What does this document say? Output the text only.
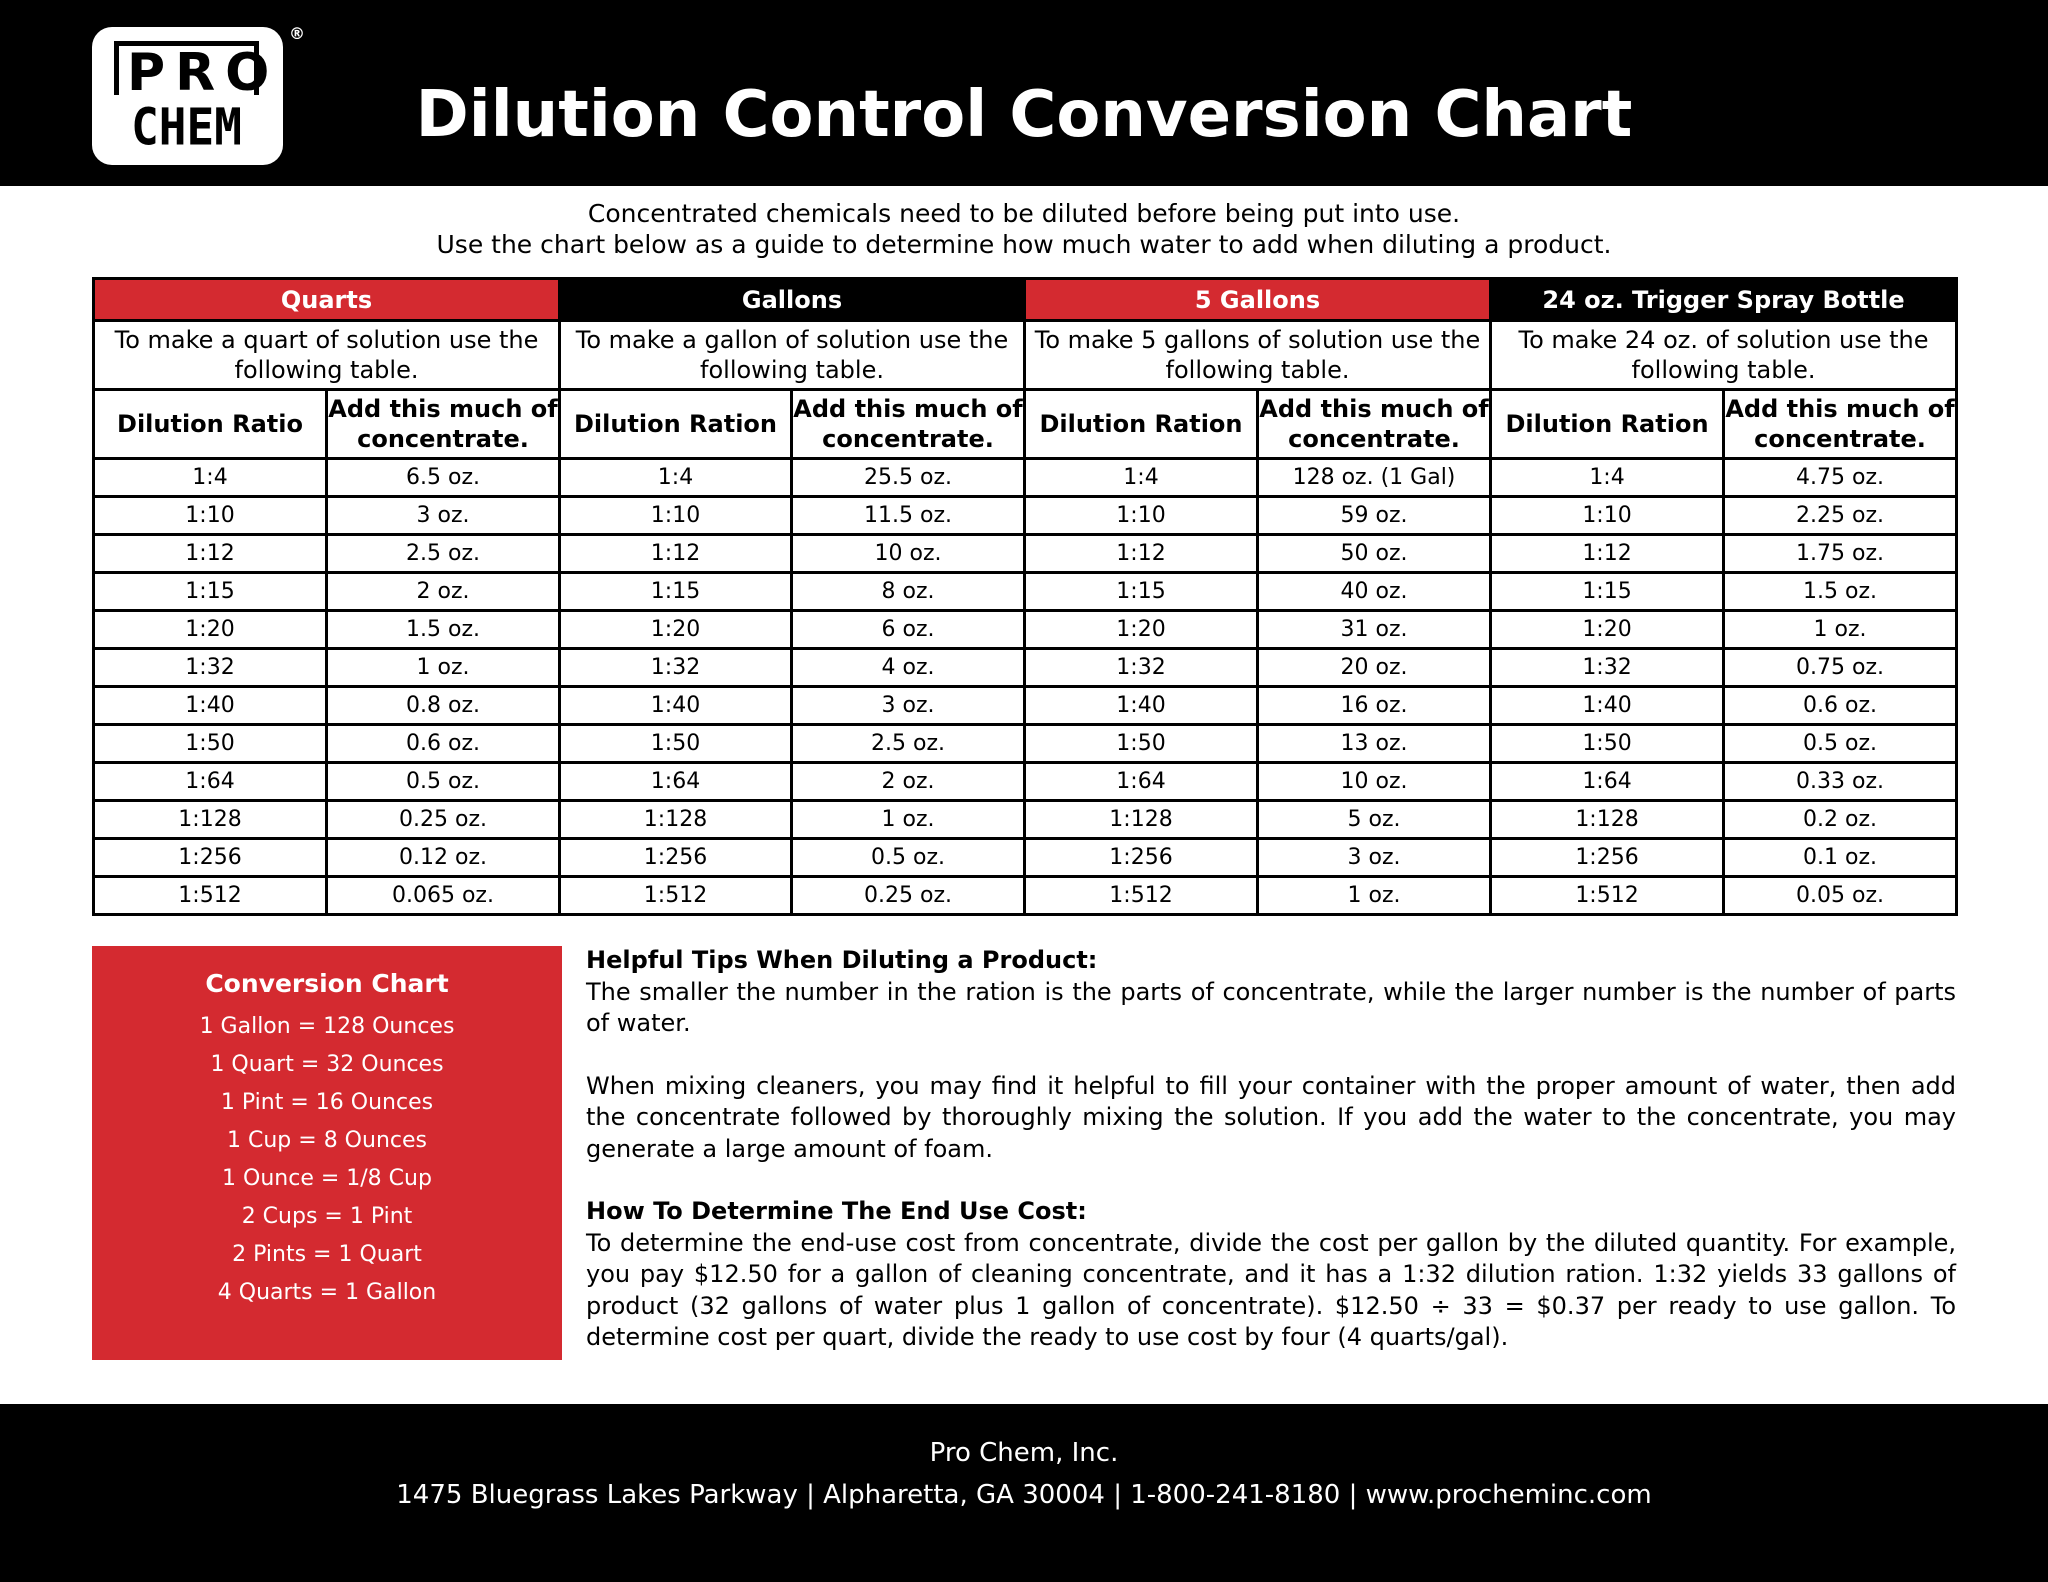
PRO
CHEM
®
Dilution Control Conversion Chart
Concentrated chemicals need to be diluted before being put into use.
Use the chart below as a guide to determine how much water to add when diluting a product.
Quarts		Gallons		5 Gallons		24 oz. Trigger Spray Bottle	
To make a quart of solution use the following table.		To make a gallon of solution use the following table.		To make 5 gallons of solution use the following table.		To make 24 oz. of solution use the following table.	
Dilution Ratio	Add this much of concentrate.	Dilution Ration	Add this much of concentrate.	Dilution Ration	Add this much of concentrate.	Dilution Ration	Add this much of concentrate.
1:4	6.5 oz.	1:4	25.5 oz.	1:4	128 oz. (1 Gal)	1:4	4.75 oz.
1:10	3 oz.	1:10	11.5 oz.	1:10	59 oz.	1:10	2.25 oz.
1:12	2.5 oz.	1:12	10 oz.	1:12	50 oz.	1:12	1.75 oz.
1:15	2 oz.	1:15	8 oz.	1:15	40 oz.	1:15	1.5 oz.
1:20	1.5 oz.	1:20	6 oz.	1:20	31 oz.	1:20	1 oz.
1:32	1 oz.	1:32	4 oz.	1:32	20 oz.	1:32	0.75 oz.
1:40	0.8 oz.	1:40	3 oz.	1:40	16 oz.	1:40	0.6 oz.
1:50	0.6 oz.	1:50	2.5 oz.	1:50	13 oz.	1:50	0.5 oz.
1:64	0.5 oz.	1:64	2 oz.	1:64	10 oz.	1:64	0.33 oz.
1:128	0.25 oz.	1:128	1 oz.	1:128	5 oz.	1:128	0.2 oz.
1:256	0.12 oz.	1:256	0.5 oz.	1:256	3 oz.	1:256	0.1 oz.
1:512	0.065 oz.	1:512	0.25 oz.	1:512	1 oz.	1:512	0.05 oz.
Conversion Chart
1 Gallon = 128 Ounces
1 Quart = 32 Ounces
1 Pint = 16 Ounces
1 Cup = 8 Ounces
1 Ounce = 1/8 Cup
2 Cups = 1 Pint
2 Pints = 1 Quart
4 Quarts = 1 Gallon

Helpful Tips When Diluting a Product:

The smaller the number in the ration is the parts of concentrate, while the larger number is the number of parts of water.

When mixing cleaners, you may find it helpful to fill your container with the proper amount of water, then add the concentrate followed by thoroughly mixing the solution. If you add the water to the concentrate, you may generate a large amount of foam.

How To Determine The End Use Cost:

To determine the end-use cost from concentrate, divide the cost per gallon by the diluted quantity. For example, you pay $12.50 for a gallon of cleaning concentrate, and it has a 1:32 dilution ration. 1:32 yields 33 gallons of product (32 gallons of water plus 1 gallon of concentrate). $12.50 ÷ 33 = $0.37 per ready to use gallon. To determine cost per quart, divide the ready to use cost by four (4 quarts/gal).

Pro Chem, Inc.
1475 Bluegrass Lakes Parkway | Alpharetta, GA 30004 | 1-800-241-8180 | www.procheminc.com
